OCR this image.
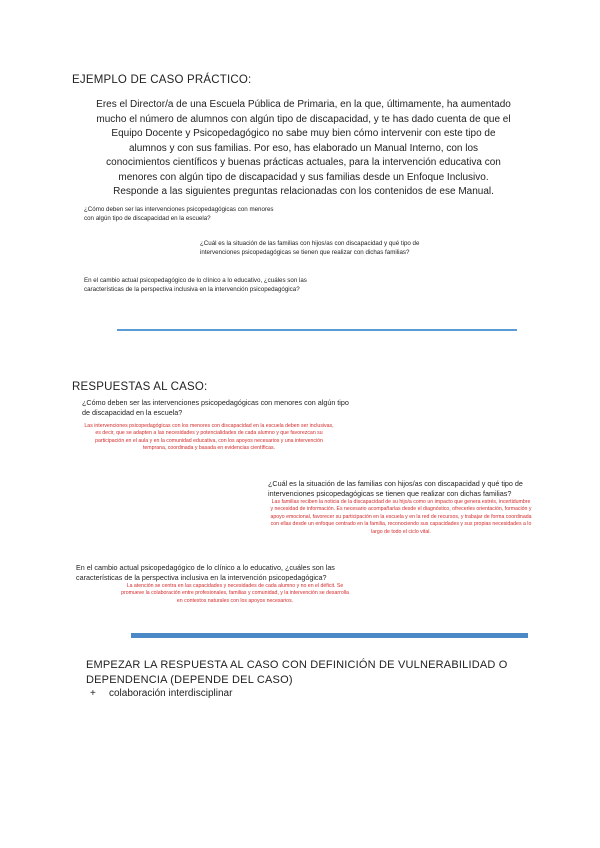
EJEMPLO DE CASO PRÁCTICO:
Eres el Director/a de una Escuela Pública de Primaria, en la que, últimamente, ha aumentado mucho el número de alumnos con algún tipo de discapacidad, y te has dado cuenta de que el Equipo Docente y Psicopedagógico no sabe muy bien cómo intervenir con este tipo de alumnos y con sus familias. Por eso, has elaborado un Manual Interno, con los conocimientos científicos y buenas prácticas actuales, para la intervención educativa con menores con algún tipo de discapacidad y sus familias desde un Enfoque Inclusivo. Responde a las siguientes preguntas relacionadas con los contenidos de ese Manual.
¿Cómo deben ser las intervenciones psicopedagógicas con menores con algún tipo de discapacidad en la escuela?
¿Cuál es la situación de las familias con hijos/as con discapacidad y qué tipo de intervenciones psicopedagógicas se tienen que realizar con dichas familias?
En el cambio actual psicopedagógico de lo clínico a lo educativo, ¿cuáles son las características de la perspectiva inclusiva en la intervención psicopedagógica?
RESPUESTAS AL CASO:
¿Cómo deben ser las intervenciones psicopedagógicas con menores con algún tipo de discapacidad en la escuela?
Las intervenciones psicopedagógicas con los menores con discapacidad en la escuela deben ser inclusivas, es decir, que se adapten a las necesidades y potencialidades de cada alumno y que favorezcan su participación en el aula y en la comunidad educativa, con los apoyos necesarios y una intervención temprana, coordinada y basada en evidencias científicas.
¿Cuál es la situación de las familias con hijos/as con discapacidad y qué tipo de intervenciones psicopedagógicas se tienen que realizar con dichas familias?
Las familias reciben la noticia de la discapacidad de su hijo/a como un impacto que genera estrés, incertidumbre y necesidad de información. Es necesario acompañarlas desde el diagnóstico, ofrecerles orientación, formación y apoyo emocional, favorecer su participación en la escuela y en la red de recursos, y trabajar de forma coordinada con ellas desde un enfoque centrado en la familia, reconociendo sus capacidades y sus propias necesidades a lo largo de todo el ciclo vital.
En el cambio actual psicopedagógico de lo clínico a lo educativo, ¿cuáles son las características de la perspectiva inclusiva en la intervención psicopedagógica?
La atención se centra en las capacidades y necesidades de cada alumno y no en el déficit. Se promueve la colaboración entre profesionales, familias y comunidad, y la intervención se desarrolla en contextos naturales con los apoyos necesarios.
EMPEZAR LA RESPUESTA AL CASO CON DEFINICIÓN DE VULNERABILIDAD O DEPENDENCIA (DEPENDE DEL CASO)
+ colaboración interdisciplinar
